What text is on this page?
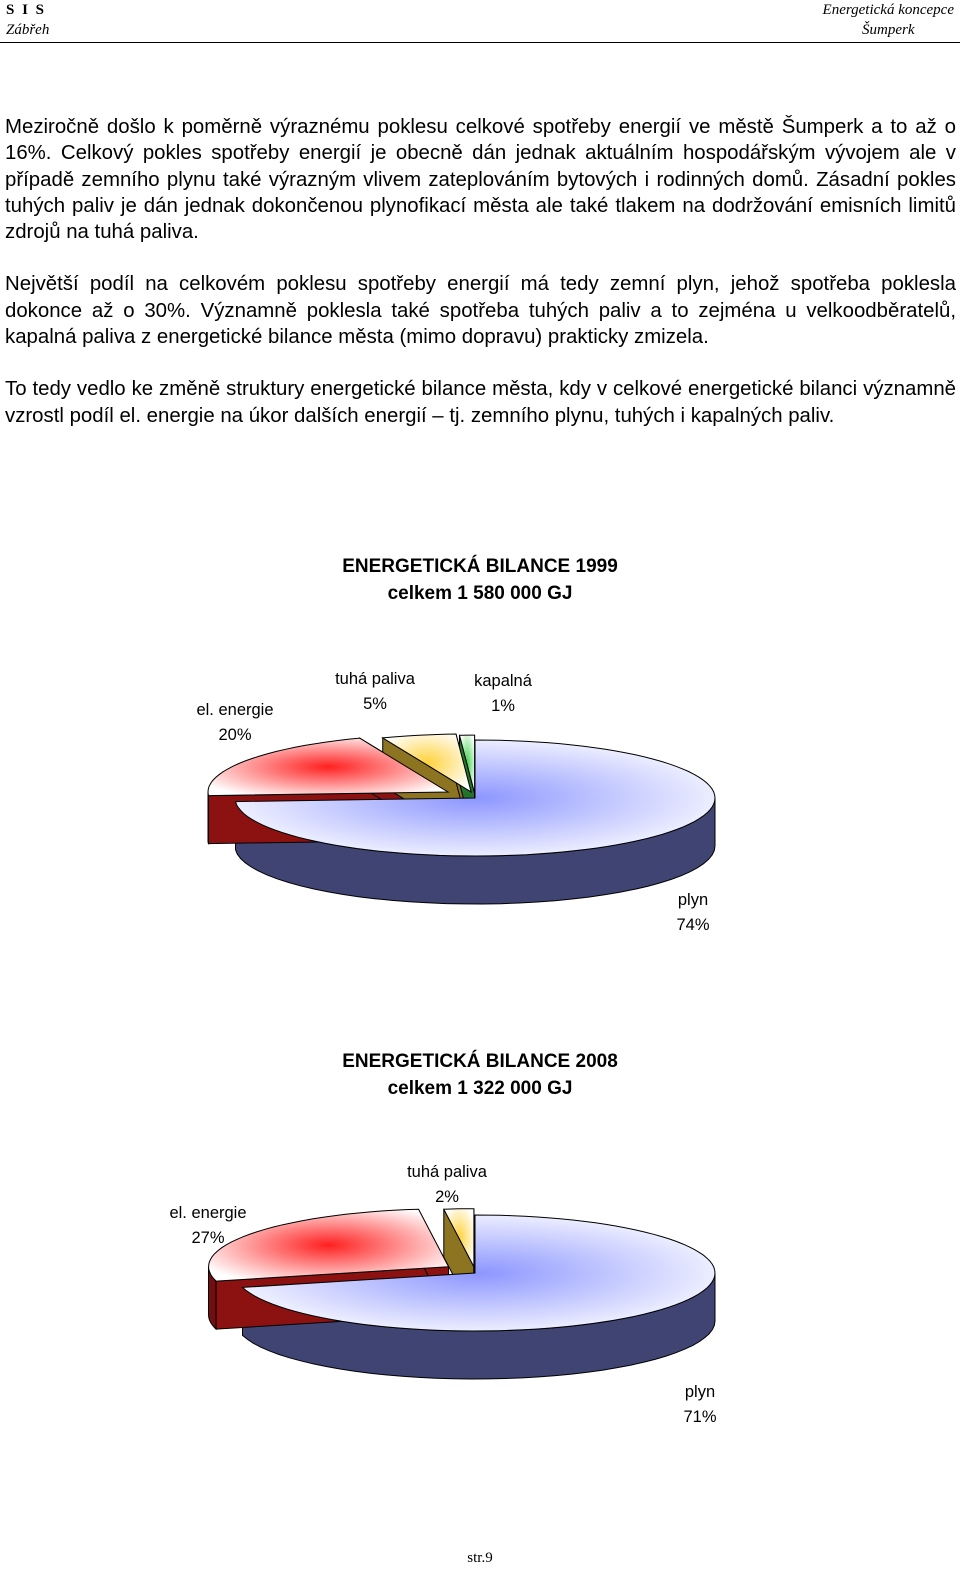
S I S
Zábřeh
Energetická koncepce
Šumperk

Meziročně došlo k poměrně výraznému poklesu celkové spotřeby energií ve městě Šumperk a to až o 16%. Celkový pokles spotřeby energií je obecně dán jednak aktuálním hospodářským vývojem ale v případě zemního plynu také výrazným vlivem zateplováním bytových i rodinných domů. Zásadní pokles tuhých paliv je dán jednak dokončenou plynofikací města ale také tlakem na dodržování emisních limitů zdrojů na tuhá paliva.

Největší podíl na celkovém poklesu spotřeby energií má tedy zemní plyn, jehož spotřeba poklesla dokonce až o 30%. Významně poklesla také spotřeba tuhých paliv a to zejména u velkoodběratelů, kapalná paliva z energetické bilance města (mimo dopravu) prakticky zmizela.

To tedy vedlo ke změně struktury energetické bilance města, kdy v celkové energetické bilanci významně vzrostl podíl el. energie na úkor dalších energií – tj. zemního plynu, tuhých i kapalných paliv.

ENERGETICKÁ BILANCE 1999
celkem 1 580 000 GJ
el. energie
20%
tuhá paliva
5%
kapalná
1%
plyn
74%
ENERGETICKÁ BILANCE 2008
celkem 1 322 000 GJ
el. energie
27%
tuhá paliva
2%
plyn
71%
str.9
